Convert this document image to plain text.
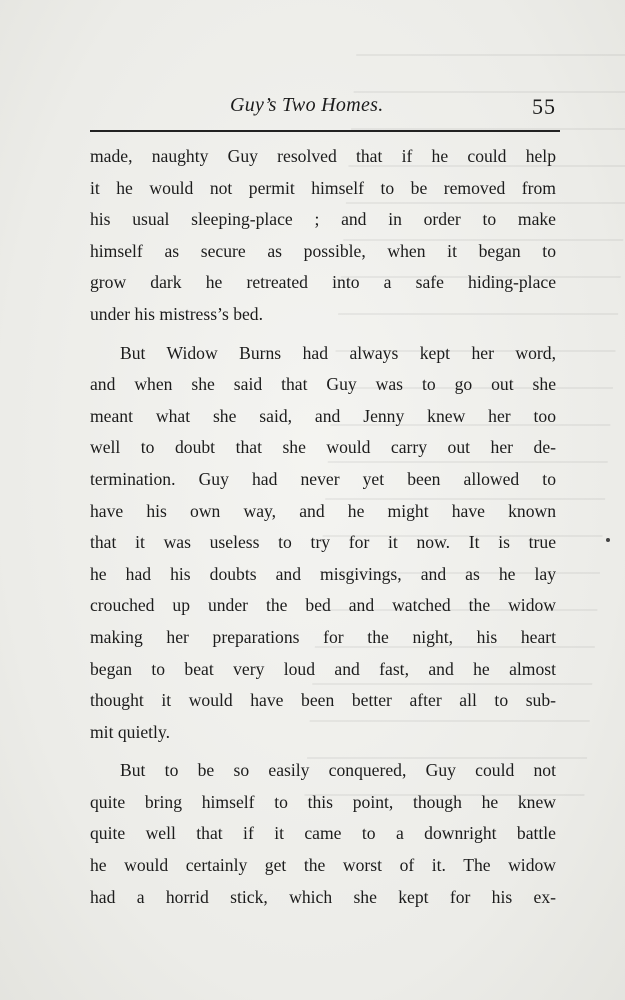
Guy’s Two Homes.	55
made, naughty Guy resolved that if he could help
it he would not permit himself to be removed from
his usual sleeping-place ; and in order to make
himself as secure as possible, when it began to
grow dark he retreated into a safe hiding-place
under his mistress’s bed.
But Widow Burns had always kept her word,
and when she said that Guy was to go out she
meant what she said, and Jenny knew her too
well to doubt that she would carry out her de-
termination. Guy had never yet been allowed to
have his own way, and he might have known
that it was useless to try for it now. It is true
he had his doubts and misgivings, and as he lay
crouched up under the bed and watched the widow
making her preparations for the night, his heart
began to beat very loud and fast, and he almost
thought it would have been better after all to sub-
mit quietly.
But to be so easily conquered, Guy could not
quite bring himself to this point, though he knew
quite well that if it came to a downright battle
he would certainly get the worst of it. The widow
had a horrid stick, which she kept for his ex-
